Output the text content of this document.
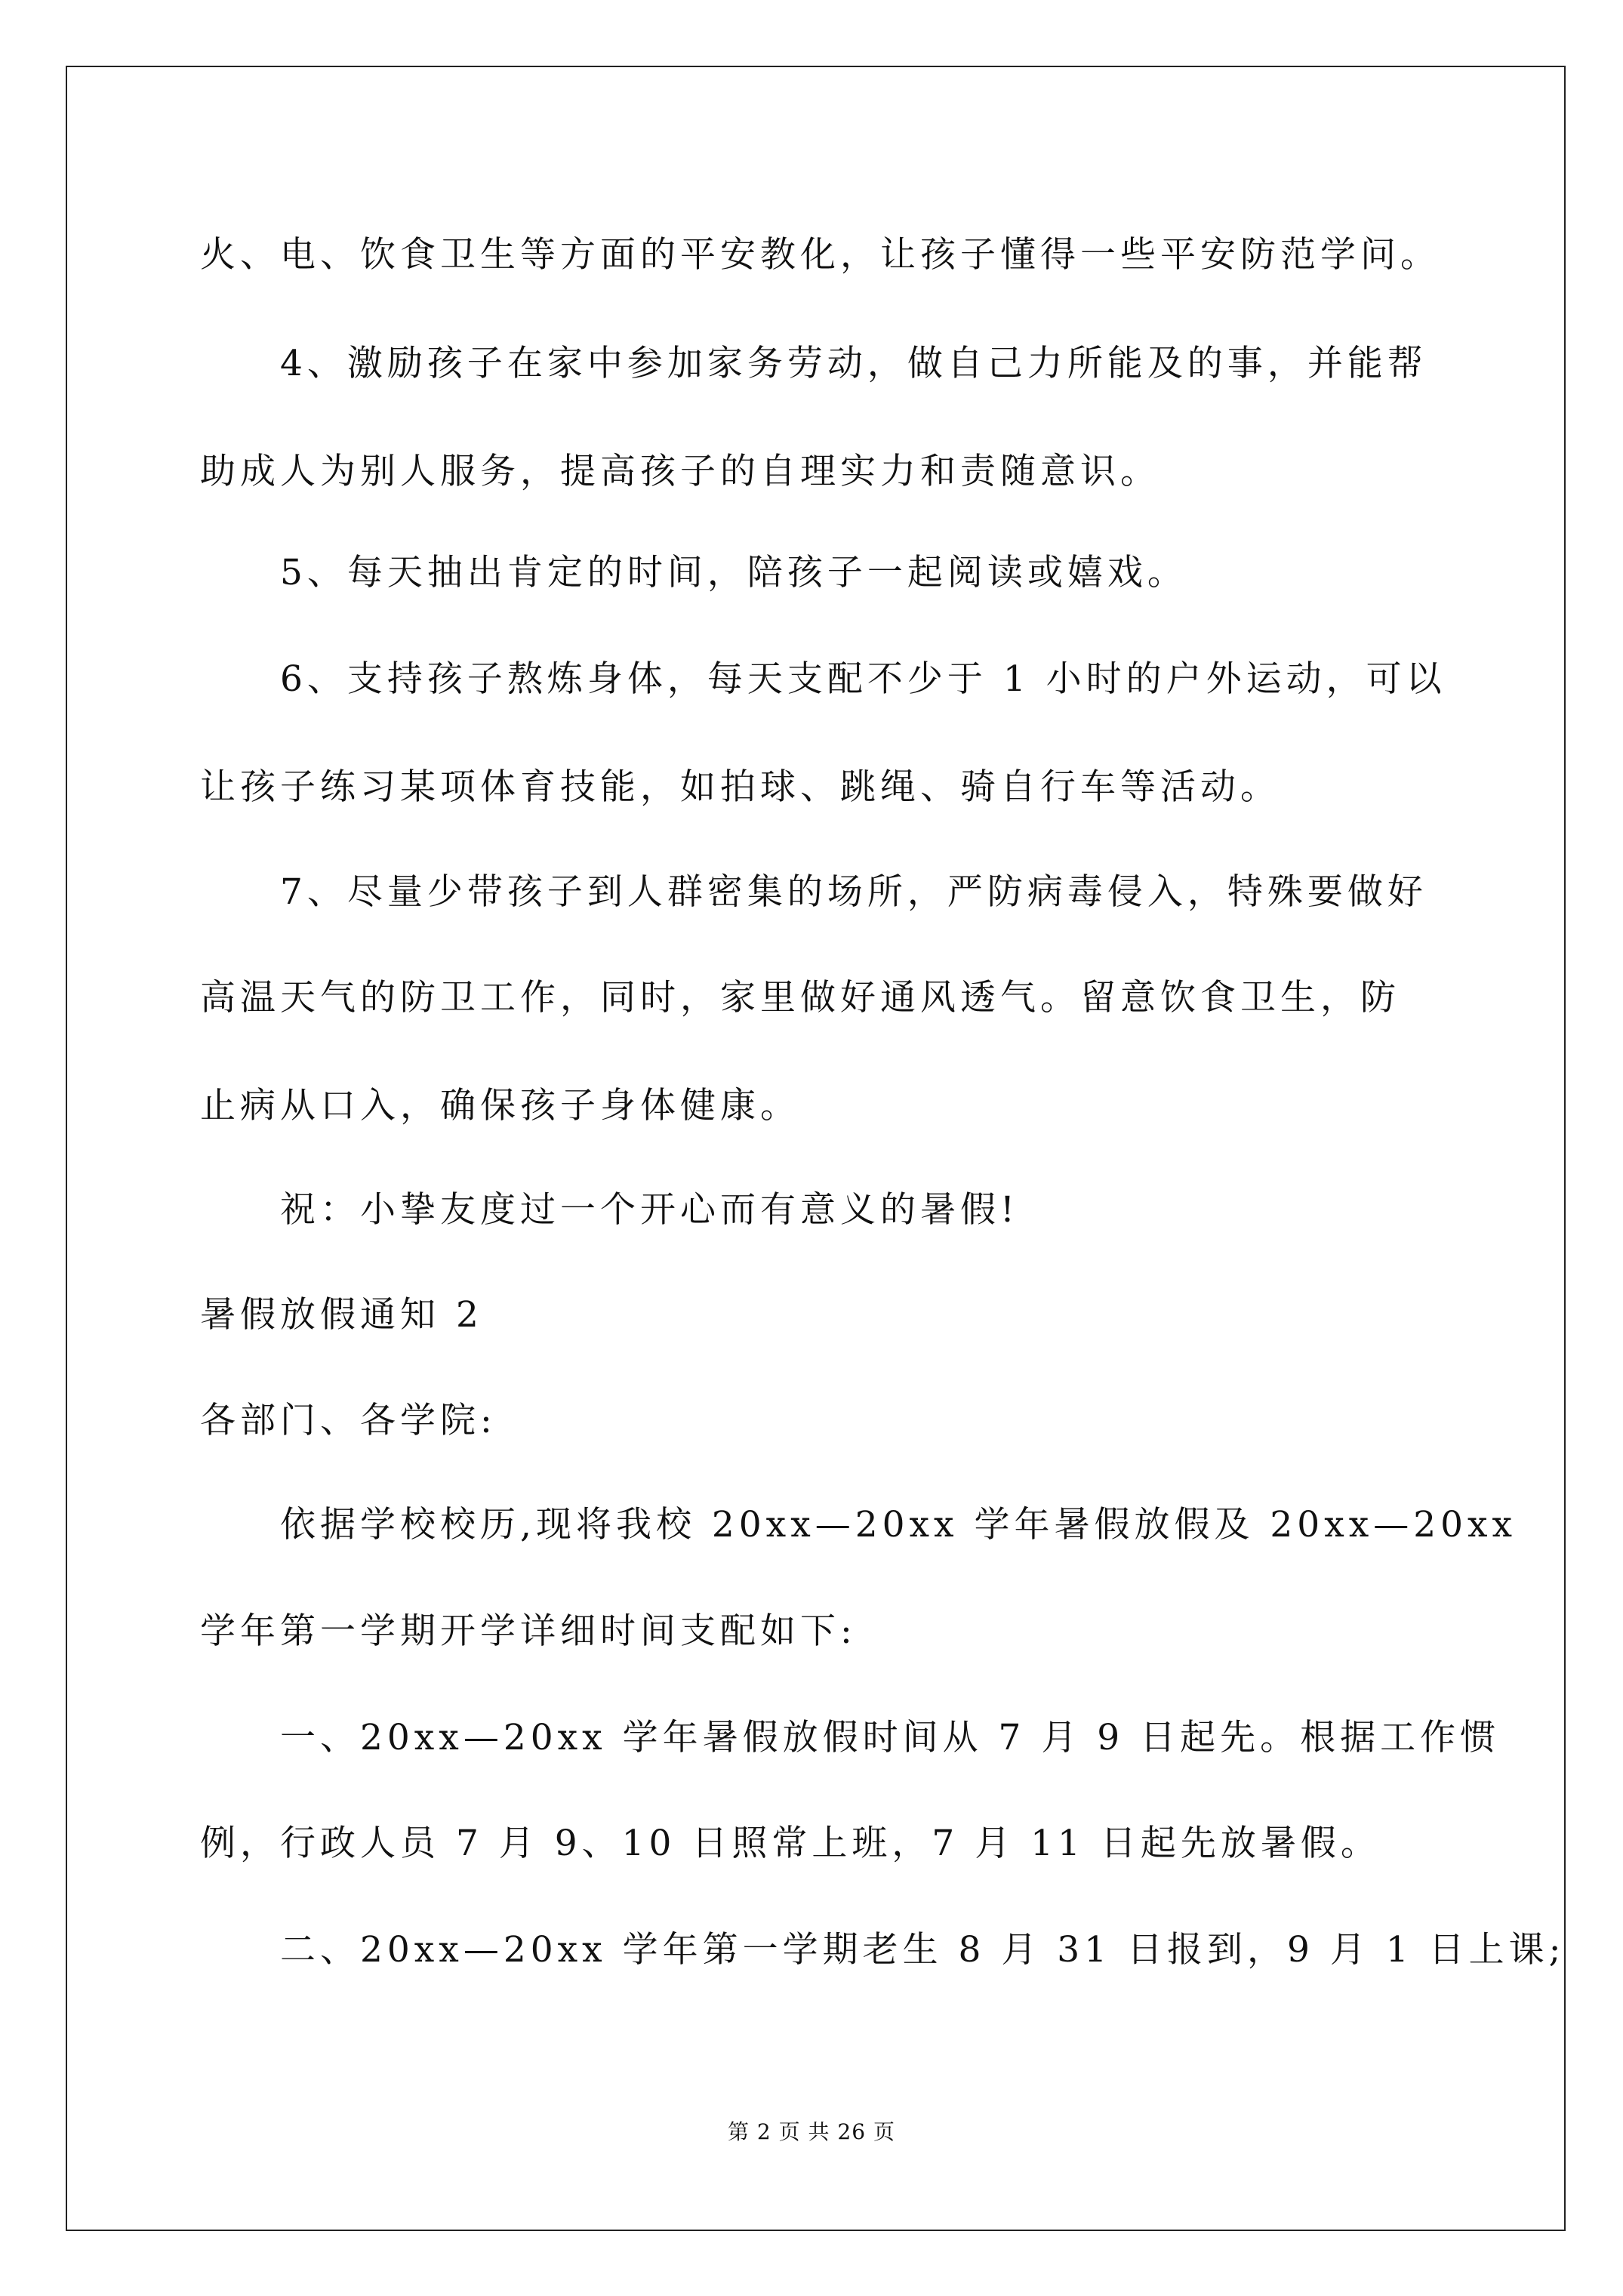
火、电、饮食卫生等方面的平安教化，让孩子懂得一些平安防范学问。
4、激励孩子在家中参加家务劳动，做自己力所能及的事，并能帮
助成人为别人服务，提高孩子的自理实力和责随意识。
5、每天抽出肯定的时间，陪孩子一起阅读或嬉戏。
6、支持孩子熬炼身体，每天支配不少于 1 小时的户外运动，可以
让孩子练习某项体育技能，如拍球、跳绳、骑自行车等活动。
7、尽量少带孩子到人群密集的场所，严防病毒侵入，特殊要做好
高温天气的防卫工作，同时，家里做好通风透气。留意饮食卫生，防
止病从口入，确保孩子身体健康。
祝：小挚友度过一个开心而有意义的暑假!
暑假放假通知 2
各部门、各学院:
依据学校校历,现将我校 20xx—20xx 学年暑假放假及 20xx—20xx
学年第一学期开学详细时间支配如下:
一、20xx—20xx 学年暑假放假时间从 7 月 9 日起先。根据工作惯
例，行政人员 7 月 9、10 日照常上班，7 月 11 日起先放暑假。
二、20xx—20xx 学年第一学期老生 8 月 31 日报到，9 月 1 日上课;
第 2 页 共 26 页
